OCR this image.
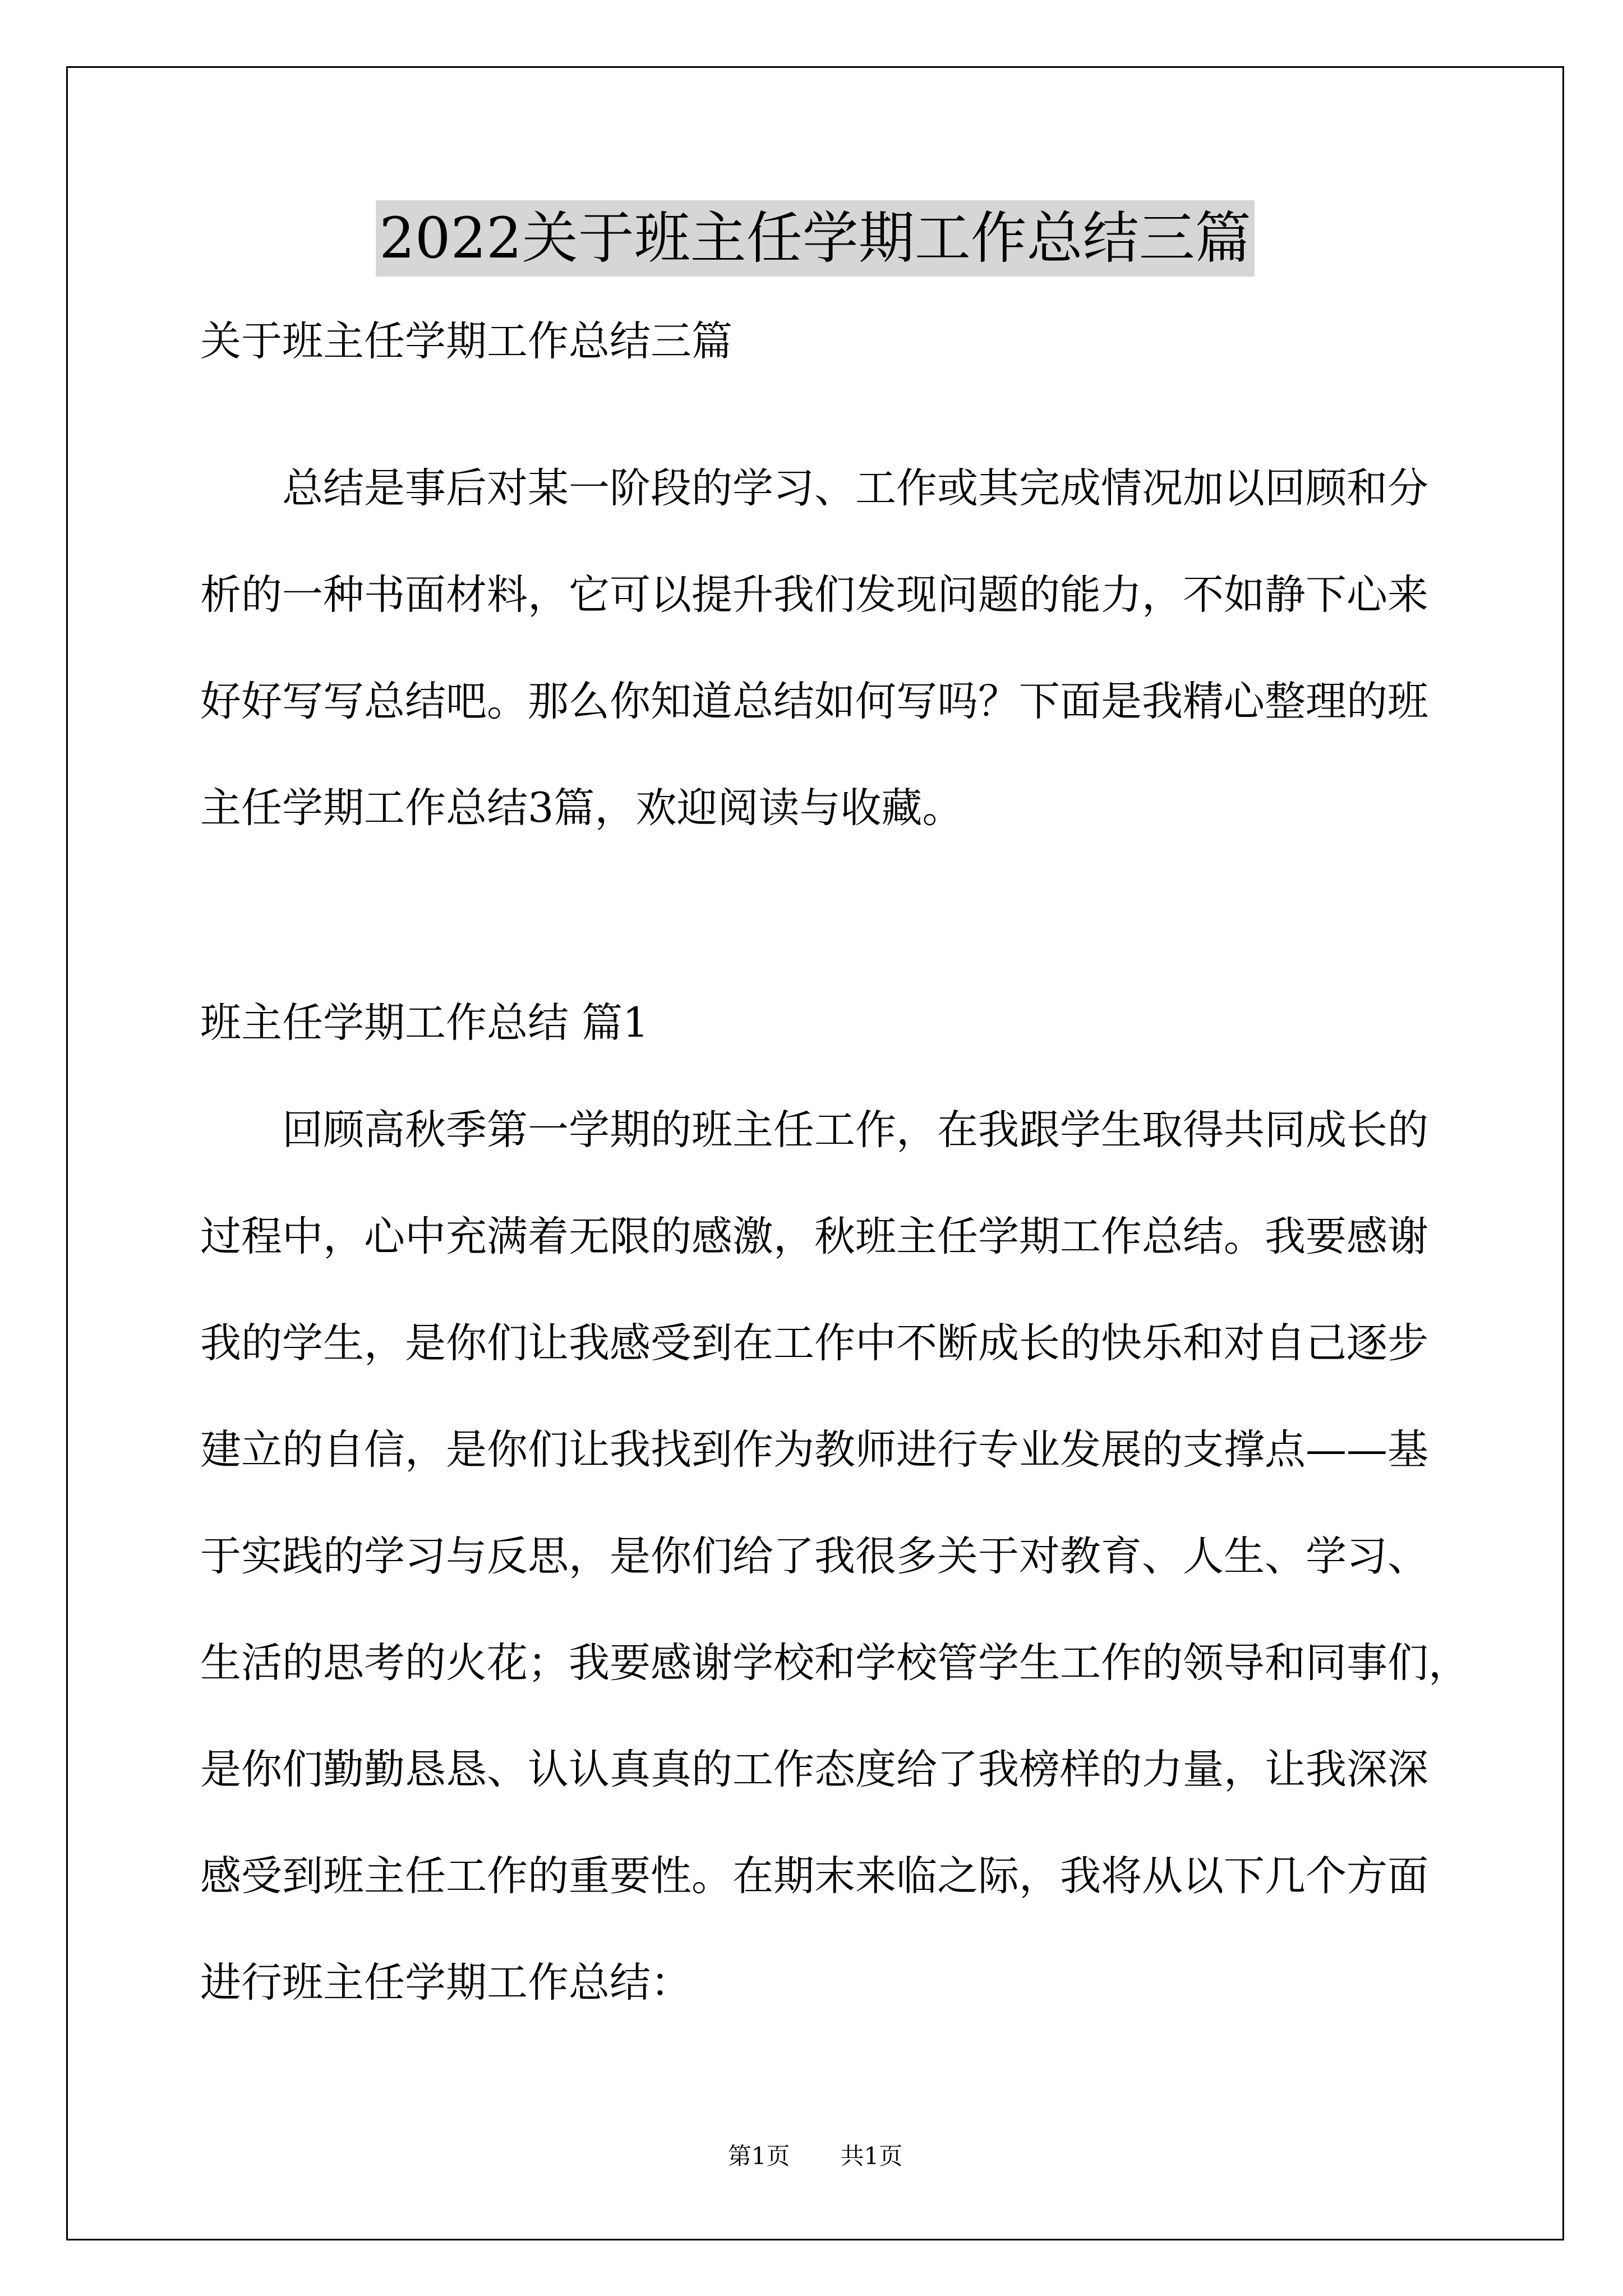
2022关于班主任学期工作总结三篇
关于班主任学期工作总结三篇
总结是事后对某一阶段的学习、工作或其完成情况加以回顾和分
析的一种书面材料，它可以提升我们发现问题的能力，不如静下心来
好好写写总结吧。那么你知道总结如何写吗？下面是我精心整理的班
主任学期工作总结3篇，欢迎阅读与收藏。
班主任学期工作总结 篇1
回顾高秋季第一学期的班主任工作，在我跟学生取得共同成长的
过程中，心中充满着无限的感激，秋班主任学期工作总结。我要感谢
我的学生，是你们让我感受到在工作中不断成长的快乐和对自己逐步
建立的自信，是你们让我找到作为教师进行专业发展的支撑点——基
于实践的学习与反思，是你们给了我很多关于对教育、人生、学习、
生活的思考的火花；我要感谢学校和学校管学生工作的领导和同事们，
是你们勤勤恳恳、认认真真的工作态度给了我榜样的力量，让我深深
感受到班主任工作的重要性。在期末来临之际，我将从以下几个方面
进行班主任学期工作总结：
第1页 共1页
